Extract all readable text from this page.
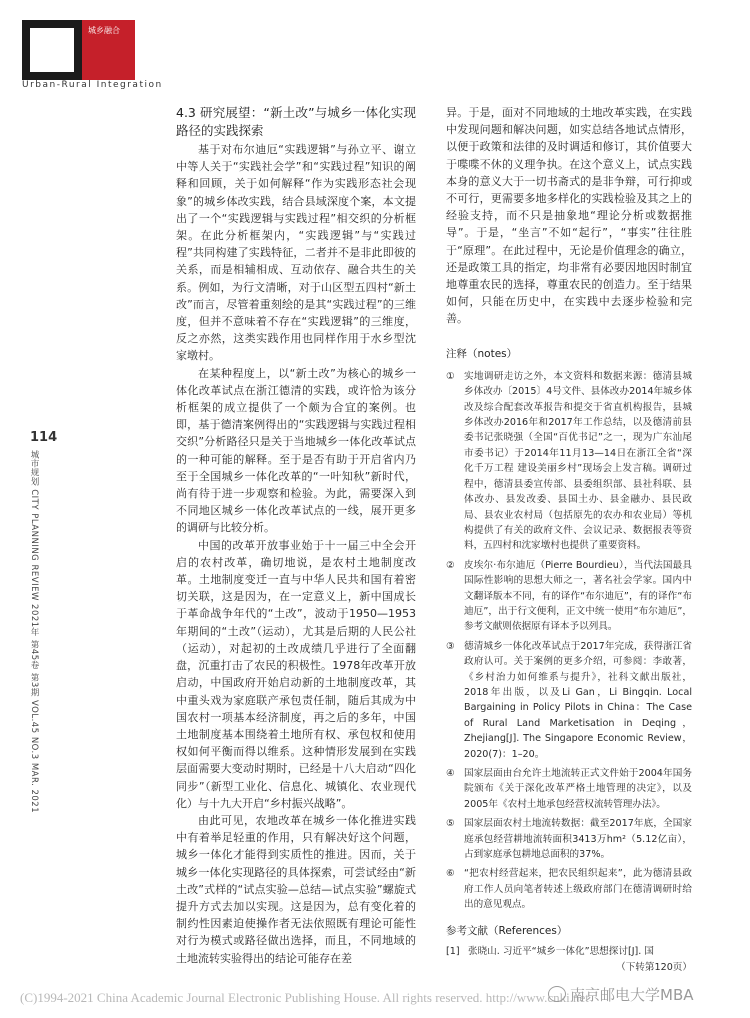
城乡融合
Urban-Rural Integration
114
城市规划 CITY PLANNING REVIEW 2021年 第45卷 第3期 VOL.45 NO.3 MAR. 2021
4.3 研究展望：“新土改”与城乡一体化实现路径的实践探索

基于对布尔迪厄“实践逻辑”与孙立平、谢立中等人关于“实践社会学”和“实践过程”知识的阐释和回顾，关于如何解释“作为实践形态社会现象”的城乡体改实践，结合县域深度个案，本文提出了一个“实践逻辑与实践过程”相交织的分析框架。在此分析框架内，“实践逻辑”与“实践过程”共同构建了实践特征，二者并不是非此即彼的关系，而是相辅相成、互动依存、融合共生的关系。例如，为行文清晰，对于山区型五四村“新土改”而言，尽管着重刻绘的是其“实践过程”的三维度，但并不意味着不存在“实践逻辑”的三维度，反之亦然，这类实践作用也同样作用于水乡型沈家墩村。

在某种程度上，以“新土改”为核心的城乡一体化改革试点在浙江德清的实践，或许恰为该分析框架的成立提供了一个颇为合宜的案例。也即，基于德清案例得出的“实践逻辑与实践过程相交织”分析路径只是关于当地城乡一体化改革试点的一种可能的解释。至于是否有助于开启省内乃至于全国城乡一体化改革的“一叶知秋”新时代，尚有待于进一步观察和检验。为此，需要深入到不同地区城乡一体化改革试点的一线，展开更多的调研与比较分析。

中国的改革开放事业始于十一届三中全会开启的农村改革，确切地说，是农村土地制度改革。土地制度变迁一直与中华人民共和国有着密切关联，这是因为，在一定意义上，新中国成长于革命战争年代的“土改”，波动于1950—1953年期间的“土改”（运动），尤其是后期的人民公社（运动），对起初的土改成绩几乎进行了全面翻盘，沉重打击了农民的积极性。1978年改革开放启动，中国政府开始启动新的土地制度改革，其中重头戏为家庭联产承包责任制，随后其成为中国农村一项基本经济制度，再之后的多年，中国土地制度基本围绕着土地所有权、承包权和使用权如何平衡而得以维系。这种情形发展到在实践层面需要大变动时期时，已经是十八大启动“四化同步”（新型工业化、信息化、城镇化、农业现代化）与十九大开启“乡村振兴战略”。

由此可见，农地改革在城乡一体化推进实践中有着举足轻重的作用，只有解决好这个问题，城乡一体化才能得到实质性的推进。因而，关于城乡一体化实现路径的具体探索，可尝试经由“新土改”式样的“试点实验—总结—试点实验”螺旋式提升方式去加以实现。这是因为，总有变化着的制约性因素迫使操作者无法依照既有理论可能性对行为模式或路径做出选择，而且，不同地域的土地流转实验得出的结论可能存在差

异。于是，面对不同地域的土地改革实践，在实践中发现问题和解决问题，如实总结各地试点情形，以便于政策和法律的及时调适和修订，其价值要大于喋喋不休的义理争执。在这个意义上，试点实践本身的意义大于一切书斋式的是非争辩，可行抑或不可行，更需要多地多样化的实践检验及其之上的经验支持，而不只是抽象地“理论分析或数据推导”。于是，“坐言”不如“起行”，“事实”往往胜于“原理”。在此过程中，无论是价值理念的确立，还是政策工具的指定，均非常有必要因地因时制宜地尊重农民的选择，尊重农民的创造力。至于结果如何，只能在历史中，在实践中去逐步检验和完善。

注释（notes）
① 实地调研走访之外，本文资料和数据来源：德清县城乡体改办〔2015〕4号文件、县体改办2014年城乡体改及综合配套改革报告和提交于省直机构报告，县城乡体改办2016年和2017年工作总结，以及德清前县委书记张晓强（全国“百优书记”之一，现为广东汕尾市委书记）于2014年11月13—14日在浙江全省“深化千万工程 建设美丽乡村”现场会上发言稿。调研过程中，德清县委宣传部、县委组织部、县社科联、县体改办、县发改委、县国土办、县金融办、县民政局、县农业农村局（包括原先的农办和农业局）等机构提供了有关的政府文件、会议记录、数据报表等资料，五四村和沈家墩村也提供了重要资料。
② 皮埃尔·布尔迪厄（Pierre Bourdieu），当代法国最具国际性影响的思想大师之一，著名社会学家。国内中文翻译版本不同，有的译作“布尔迪厄”，有的译作“布迪厄”，出于行文便利，正文中统一使用“布尔迪厄”，参考文献则依据原有译本予以列具。
③ 德清城乡一体化改革试点于2017年完成，获得浙江省政府认可。关于案例的更多介绍，可参阅：李敢著，《乡村治力如何维系与提升》，社科文献出版社，2018年出版，以及Li Gan，Li Bingqin. Local Bargaining in Policy Pilots in China：The Case of Rural Land Marketisation in Deqing，Zhejiang[J]. The Singapore Economic Review，2020(7)：1–20。
④ 国家层面由台允许土地流转正式文件始于2004年国务院颁布《关于深化改革严格土地管理的决定》，以及2005年《农村土地承包经营权流转管理办法》。
⑤ 国家层面农村土地流转数据：截至2017年底，全国家庭承包经营耕地流转面积3413万hm²（5.12亿亩），占到家庭承包耕地总面积的37%。
⑥ “把农村经营起来，把农民组织起来”，此为德清县政府工作人员向笔者转述上级政府部门在德清调研时给出的意见观点。
参考文献（References）
[1] 张晓山. 习近平“城乡一体化”思想探讨[J]. 国
（下转第120页）
(C)1994-2021 China Academic Journal Electronic Publishing House. All rights reserved. http://www.cnki.net
南京邮电大学MBA
